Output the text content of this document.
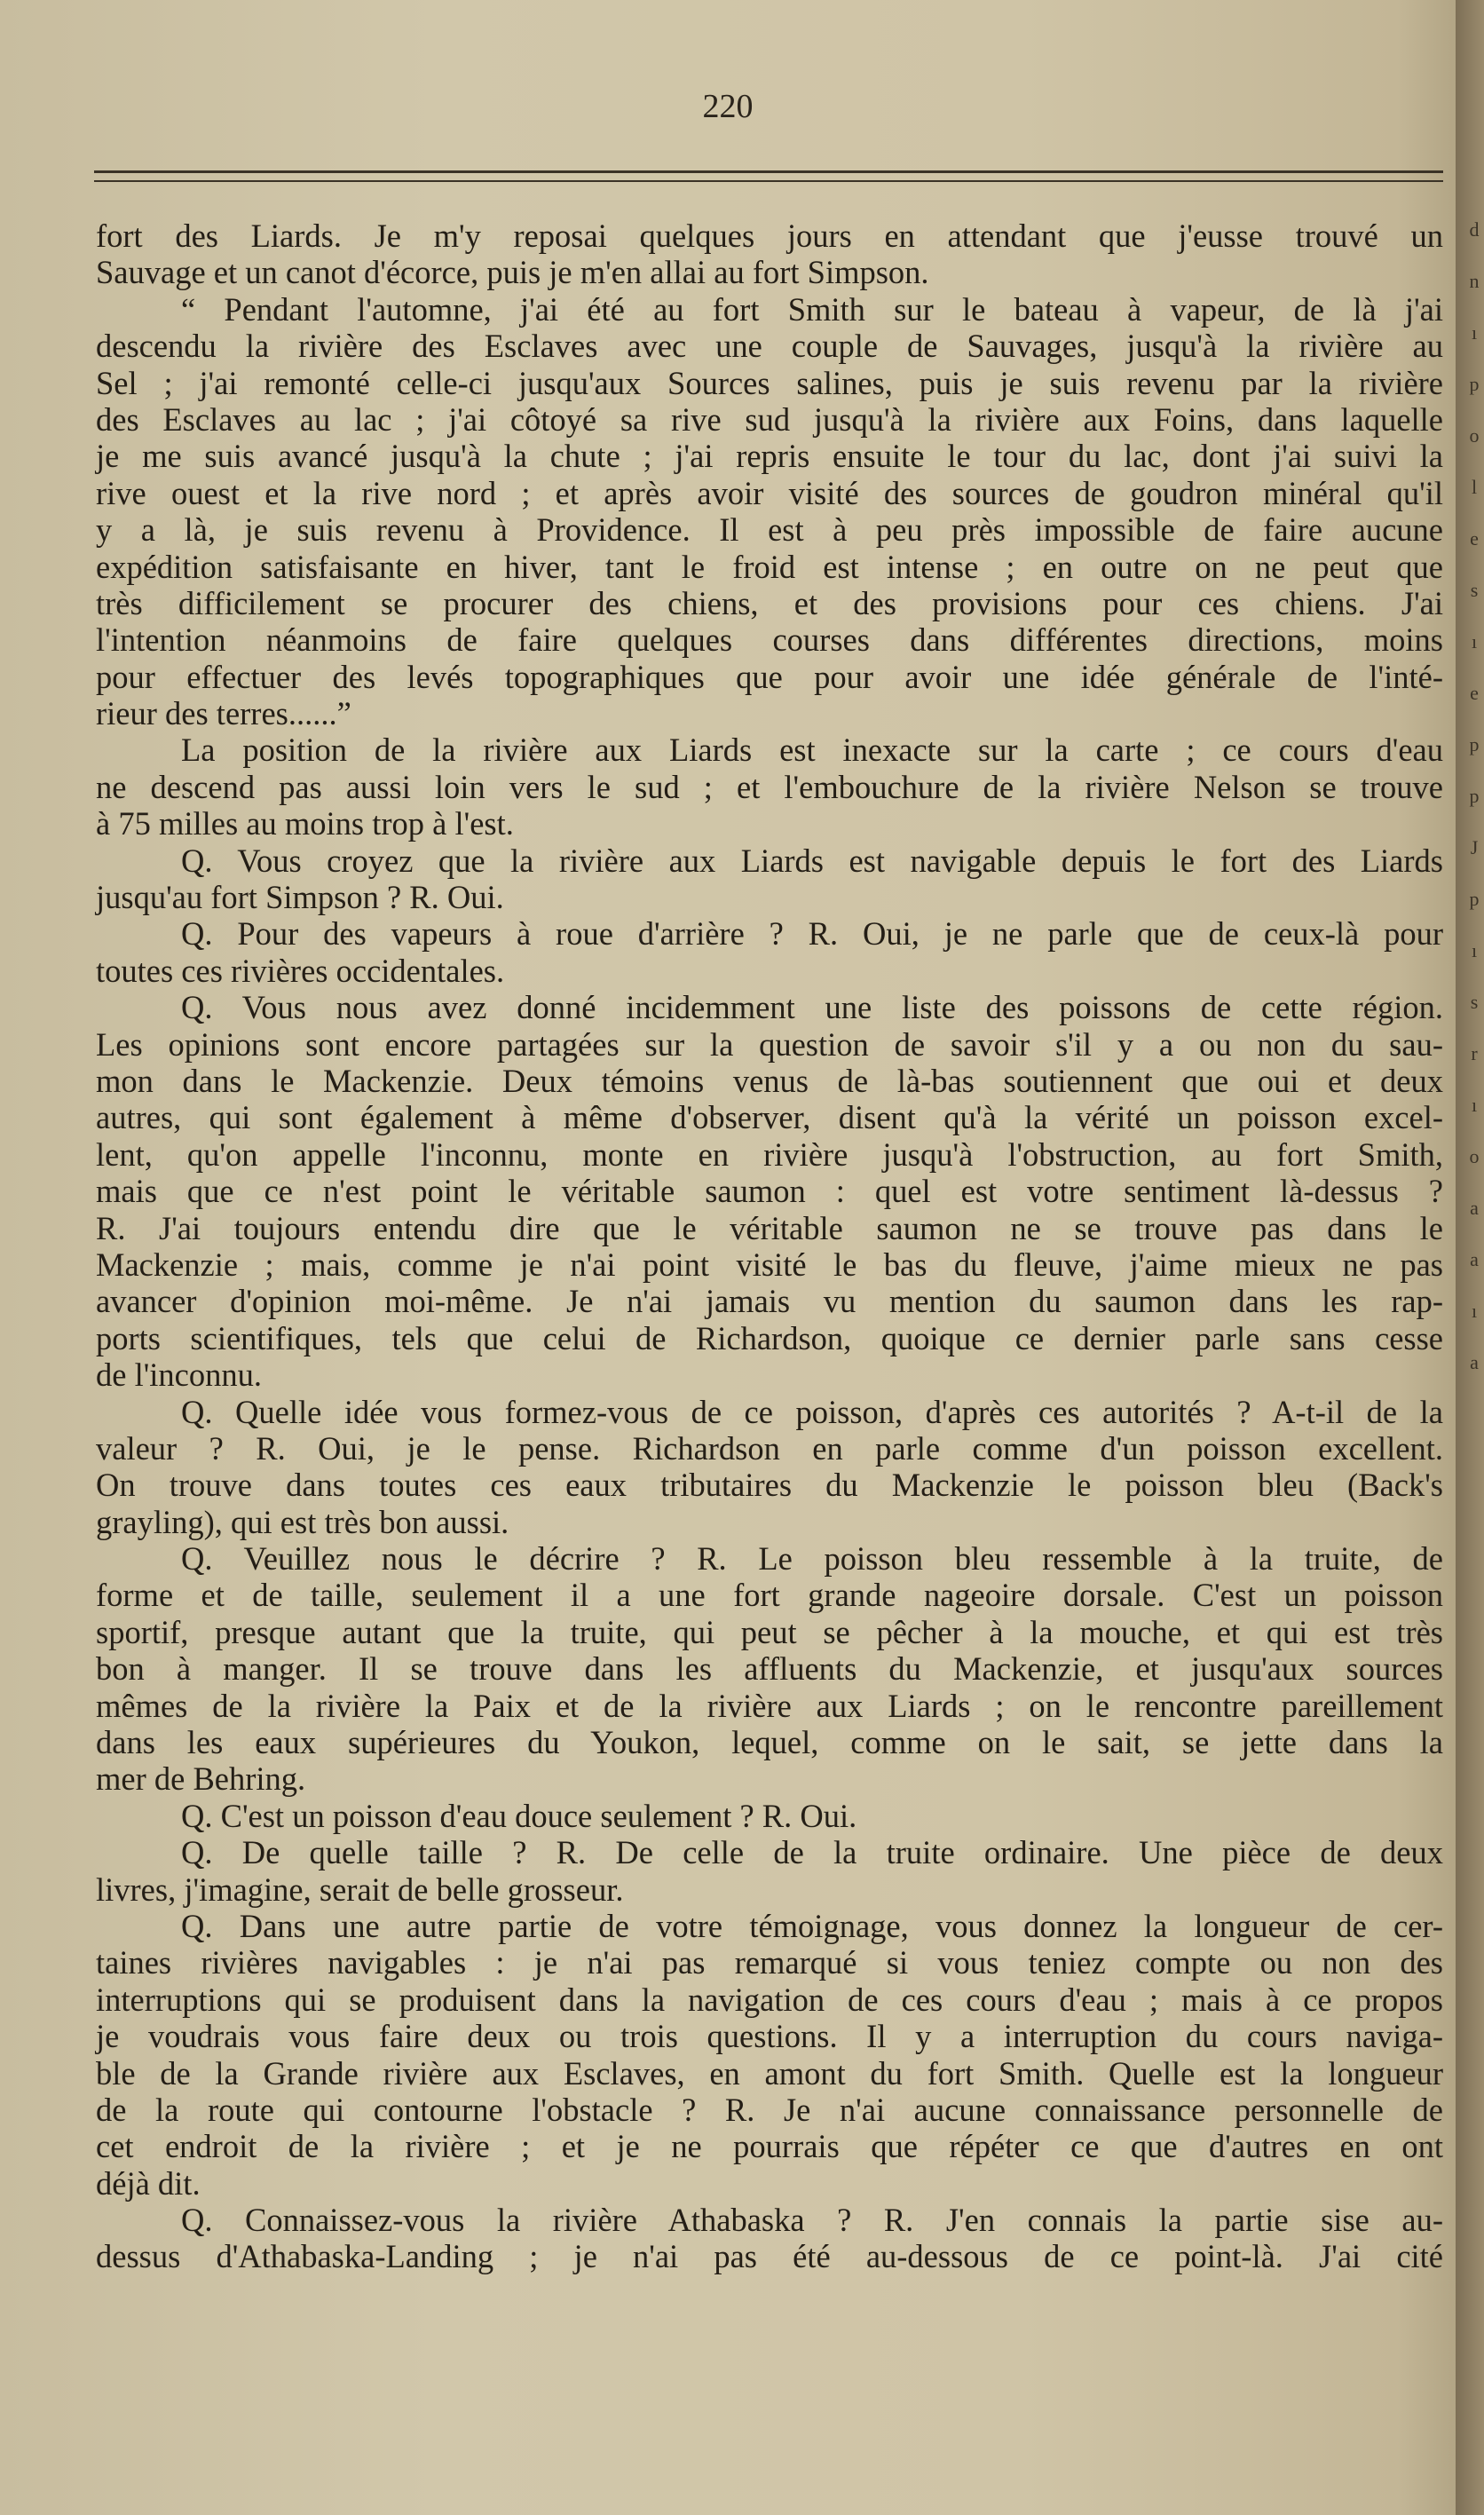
220
fort des Liards. Je m'y reposai quelques jours en attendant que j'eusse trouvé un
Sauvage et un canot d'écorce, puis je m'en allai au fort Simpson.
“ Pendant l'automne, j'ai été au fort Smith sur le bateau à vapeur, de là j'ai
descendu la rivière des Esclaves avec une couple de Sauvages, jusqu'à la rivière au
Sel ; j'ai remonté celle-ci jusqu'aux Sources salines, puis je suis revenu par la rivière
des Esclaves au lac ; j'ai côtoyé sa rive sud jusqu'à la rivière aux Foins, dans laquelle
je me suis avancé jusqu'à la chute ; j'ai repris ensuite le tour du lac, dont j'ai suivi la
rive ouest et la rive nord ; et après avoir visité des sources de goudron minéral qu'il
y a là, je suis revenu à Providence. Il est à peu près impossible de faire aucune
expédition satisfaisante en hiver, tant le froid est intense ; en outre on ne peut que
très difficilement se procurer des chiens, et des provisions pour ces chiens. J'ai
l'intention néanmoins de faire quelques courses dans différentes directions, moins
pour effectuer des levés topographiques que pour avoir une idée générale de l'inté-
rieur des terres......”
La position de la rivière aux Liards est inexacte sur la carte ; ce cours d'eau
ne descend pas aussi loin vers le sud ; et l'embouchure de la rivière Nelson se trouve
à 75 milles au moins trop à l'est.
Q. Vous croyez que la rivière aux Liards est navigable depuis le fort des Liards
jusqu'au fort Simpson ? R. Oui.
Q. Pour des vapeurs à roue d'arrière ? R. Oui, je ne parle que de ceux-là pour
toutes ces rivières occidentales.
Q. Vous nous avez donné incidemment une liste des poissons de cette région.
Les opinions sont encore partagées sur la question de savoir s'il y a ou non du sau-
mon dans le Mackenzie. Deux témoins venus de là-bas soutiennent que oui et deux
autres, qui sont également à même d'observer, disent qu'à la vérité un poisson excel-
lent, qu'on appelle l'inconnu, monte en rivière jusqu'à l'obstruction, au fort Smith,
mais que ce n'est point le véritable saumon : quel est votre sentiment là-dessus ?
R. J'ai toujours entendu dire que le véritable saumon ne se trouve pas dans le
Mackenzie ; mais, comme je n'ai point visité le bas du fleuve, j'aime mieux ne pas
avancer d'opinion moi-même. Je n'ai jamais vu mention du saumon dans les rap-
ports scientifiques, tels que celui de Richardson, quoique ce dernier parle sans cesse
de l'inconnu.
Q. Quelle idée vous formez-vous de ce poisson, d'après ces autorités ? A-t-il de la
valeur ? R. Oui, je le pense. Richardson en parle comme d'un poisson excellent.
On trouve dans toutes ces eaux tributaires du Mackenzie le poisson bleu (Back's
grayling), qui est très bon aussi.
Q. Veuillez nous le décrire ? R. Le poisson bleu ressemble à la truite, de
forme et de taille, seulement il a une fort grande nageoire dorsale. C'est un poisson
sportif, presque autant que la truite, qui peut se pêcher à la mouche, et qui est très
bon à manger. Il se trouve dans les affluents du Mackenzie, et jusqu'aux sources
mêmes de la rivière la Paix et de la rivière aux Liards ; on le rencontre pareillement
dans les eaux supérieures du Youkon, lequel, comme on le sait, se jette dans la
mer de Behring.
Q. C'est un poisson d'eau douce seulement ? R. Oui.
Q. De quelle taille ? R. De celle de la truite ordinaire. Une pièce de deux
livres, j'imagine, serait de belle grosseur.
Q. Dans une autre partie de votre témoignage, vous donnez la longueur de cer-
taines rivières navigables : je n'ai pas remarqué si vous teniez compte ou non des
interruptions qui se produisent dans la navigation de ces cours d'eau ; mais à ce propos
je voudrais vous faire deux ou trois questions. Il y a interruption du cours naviga-
ble de la Grande rivière aux Esclaves, en amont du fort Smith. Quelle est la longueur
de la route qui contourne l'obstacle ? R. Je n'ai aucune connaissance personnelle de
cet endroit de la rivière ; et je ne pourrais que répéter ce que d'autres en ont
déjà dit.
Q. Connaissez-vous la rivière Athabaska ? R. J'en connais la partie sise au-
dessus d'Athabaska-Landing ; je n'ai pas été au-dessous de ce point-là. J'ai cité
d
n
ı
p
o
l
e
s
ı
e
p
p
J
p
ı
s
r
ı
o
a
a
ı
a
